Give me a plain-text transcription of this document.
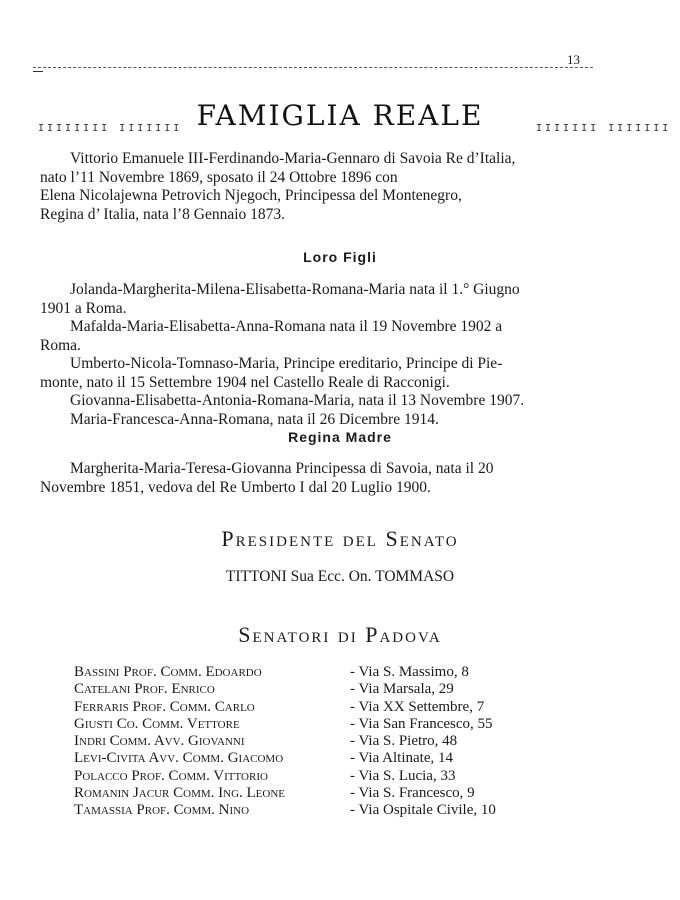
13
FAMIGLIA REALE
IIIIIIII IIIIIII	IIIIIII IIIIIII
Vittorio Emanuele III-Ferdinando-Maria-Gennaro di Savoia Re d’Italia,
nato l’11 Novembre 1869, sposato il 24 Ottobre 1896 con
Elena Nicolajewna Petrovich Njegoch, Principessa del Montenegro,
Regina d’ Italia, nata l’8 Gennaio 1873.
Loro Figli
Jolanda-Margherita-Milena-Elisabetta-Romana-Maria nata il 1.° Giugno
1901 a Roma.
Mafalda-Maria-Elisabetta-Anna-Romana nata il 19 Novembre 1902 a
Roma.
Umberto-Nicola-Tomnaso-Maria, Principe ereditario, Principe di Pie-
monte, nato il 15 Settembre 1904 nel Castello Reale di Racconigi.
Giovanna-Elisabetta-Antonia-Romana-Maria, nata il 13 Novembre 1907.
Maria-Francesca-Anna-Romana, nata il 26 Dicembre 1914.
Regina Madre
Margherita-Maria-Teresa-Giovanna Principessa di Savoia, nata il 20
Novembre 1851, vedova del Re Umberto I dal 20 Luglio 1900.
Presidente del Senato
TITTONI Sua Ecc. On. TOMMASO
Senatori di Padova
Bassini Prof. Comm. Edoardo	- Via S. Massimo, 8
Catelani Prof. Enrico	- Via Marsala, 29
Ferraris Prof. Comm. Carlo	- Via XX Settembre, 7
Giusti Co. Comm. Vettore	- Via San Francesco, 55
Indri Comm. Avv. Giovanni	- Via S. Pietro, 48
Levi-Civita Avv. Comm. Giacomo	- Via Altinate, 14
Polacco Prof. Comm. Vittorio	- Via S. Lucia, 33
Romanin Jacur Comm. Ing. Leone	- Via S. Francesco, 9
Tamassia Prof. Comm. Nino	- Via Ospitale Civile, 10
